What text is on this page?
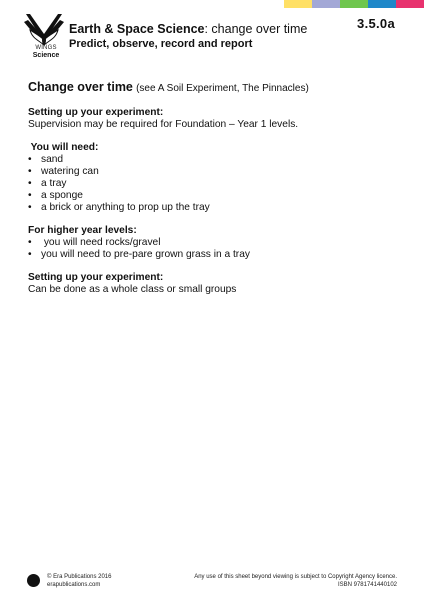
WINGS
Science
Earth & Space Science: change over time
Predict, observe, record and report
3.5.0a
Change over time (see A Soil Experiment, The Pinnacles)
Setting up your experiment:
Supervision may be required for Foundation – Year 1 levels.
You will need:
• sand
• watering can
• a tray
• a sponge
• a brick or anything to prop up the tray
For higher year levels:
•  you will need rocks/gravel
• you will need to pre-pare grown grass in a tray
Setting up your experiment:
Can be done as a whole class or small groups
© Era Publications 2016
erapublications.com
Any use of this sheet beyond viewing is subject to Copyright Agency licence.
ISBN 9781741440102
